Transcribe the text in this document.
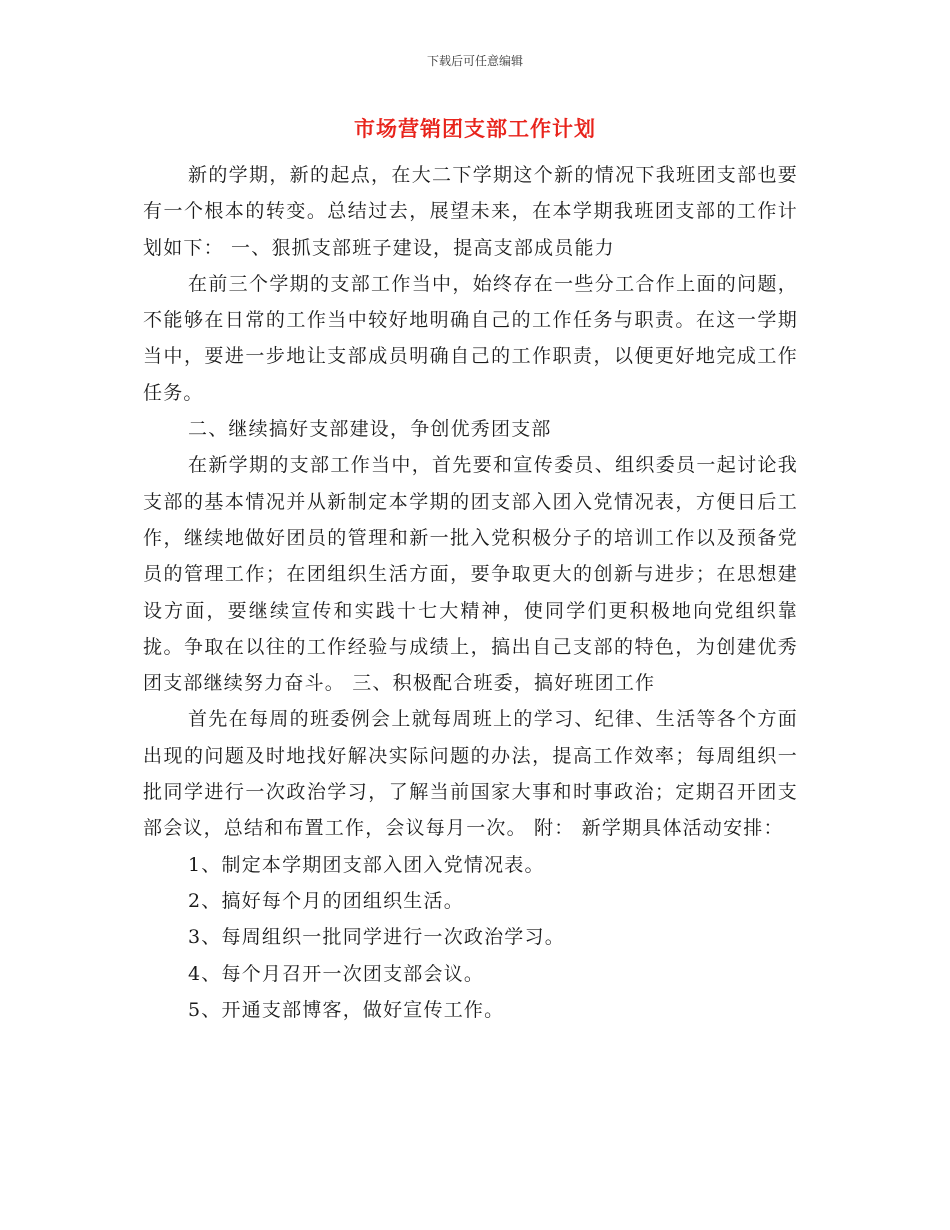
下载后可任意编辑
市场营销团支部工作计划

新的学期，新的起点，在大二下学期这个新的情况下我班团支部也要有一个根本的转变。总结过去，展望未来，在本学期我班团支部的工作计划如下： 一、狠抓支部班子建设，提高支部成员能力

在前三个学期的支部工作当中，始终存在一些分工合作上面的问题，不能够在日常的工作当中较好地明确自己的工作任务与职责。在这一学期当中，要进一步地让支部成员明确自己的工作职责，以便更好地完成工作任务。

二、继续搞好支部建设，争创优秀团支部

在新学期的支部工作当中，首先要和宣传委员、组织委员一起讨论我支部的基本情况并从新制定本学期的团支部入团入党情况表，方便日后工作，继续地做好团员的管理和新一批入党积极分子的培训工作以及预备党员的管理工作；在团组织生活方面，要争取更大的创新与进步；在思想建设方面，要继续宣传和实践十七大精神，使同学们更积极地向党组织靠拢。争取在以往的工作经验与成绩上，搞出自己支部的特色，为创建优秀团支部继续努力奋斗。 三、积极配合班委，搞好班团工作

首先在每周的班委例会上就每周班上的学习、纪律、生活等各个方面出现的问题及时地找好解决实际问题的办法，提高工作效率；每周组织一批同学进行一次政治学习，了解当前国家大事和时事政治；定期召开团支部会议，总结和布置工作，会议每月一次。 附： 新学期具体活动安排：

1、制定本学期团支部入团入党情况表。

2、搞好每个月的团组织生活。

3、每周组织一批同学进行一次政治学习。

4、每个月召开一次团支部会议。

5、开通支部博客，做好宣传工作。
